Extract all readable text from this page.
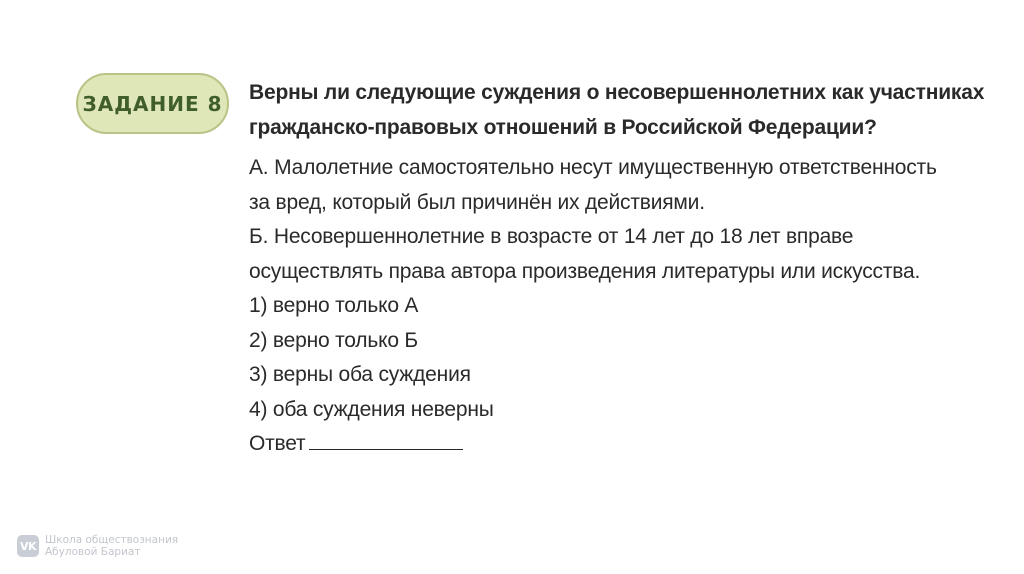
ЗАДАНИЕ 8 Верны ли следующие суждения о несовершеннолетних как участниках гражданско-правовых отношений в Российской Федерации?

А. Малолетние самостоятельно несут имущественную ответственность
за вред, который был причинён их действиями.
Б. Несовершеннолетние в возрасте от 14 лет до 18 лет вправе
осуществлять права автора произведения литературы или искусства.
1) верно только А
2) верно только Б
3) верны оба суждения
4) оба суждения неверны
Ответ
VK Школа обществознания
Абуловой Бариат
